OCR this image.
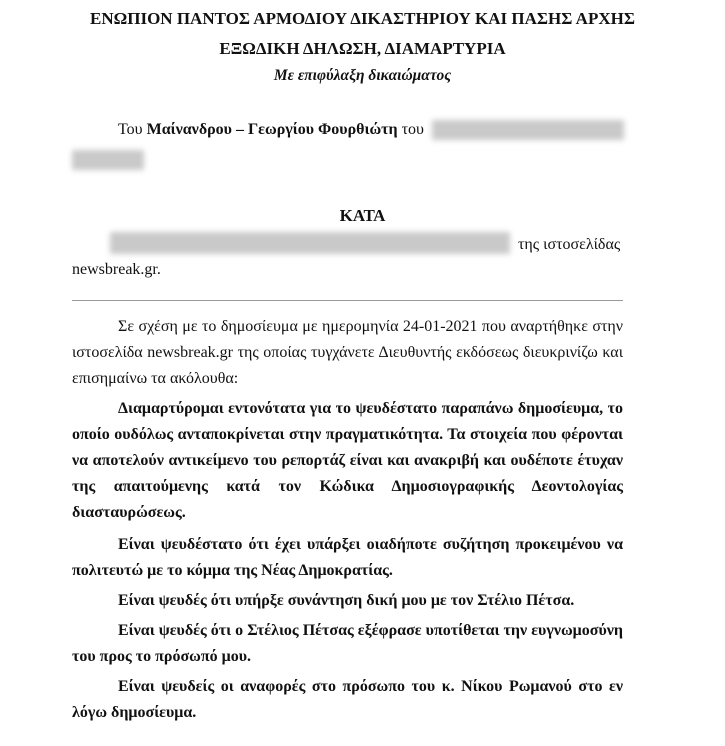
ΕΝΩΠΙΟΝ ΠΑΝΤΟΣ ΑΡΜΟΔΙΟΥ ΔΙΚΑΣΤΗΡΙΟΥ ΚΑΙ ΠΑΣΗΣ ΑΡΧΗΣ
ΕΞΩΔΙΚΗ ΔΗΛΩΣΗ, ΔΙΑΜΑΡΤΥΡΙΑ
Με επιφύλαξη δικαιώματος
Του Μαίνανδρου – Γεωργίου Φουρθιώτη του
ΚΑΤΑ
της ιστοσελίδας
newsbreak.gr.
Σε σχέση με το δημοσίευμα με ημερομηνία 24-01-2021 που αναρτήθηκε στην
ιστοσελίδα newsbreak.gr της οποίας τυγχάνετε Διευθυντής εκδόσεως διευκρινίζω και
επισημαίνω τα ακόλουθα:
Διαμαρτύρομαι εντονότατα για το ψευδέστατο παραπάνω δημοσίευμα, το
οποίο ουδόλως ανταποκρίνεται στην πραγματικότητα. Τα στοιχεία που φέρονται
να αποτελούν αντικείμενο του ρεπορτάζ είναι και ανακριβή και ουδέποτε έτυχαν
της απαιτούμενης κατά τον Κώδικα Δημοσιογραφικής Δεοντολογίας
διασταυρώσεως.
Είναι ψευδέστατο ότι έχει υπάρξει οιαδήποτε συζήτηση προκειμένου να
πολιτευτώ με το κόμμα της Νέας Δημοκρατίας.
Είναι ψευδές ότι υπήρξε συνάντηση δική μου με τον Στέλιο Πέτσα.
Είναι ψευδές ότι ο Στέλιος Πέτσας εξέφρασε υποτίθεται την ευγνωμοσύνη
του προς το πρόσωπό μου.
Είναι ψευδείς οι αναφορές στο πρόσωπο του κ. Νίκου Ρωμανού στο εν
λόγω δημοσίευμα.
